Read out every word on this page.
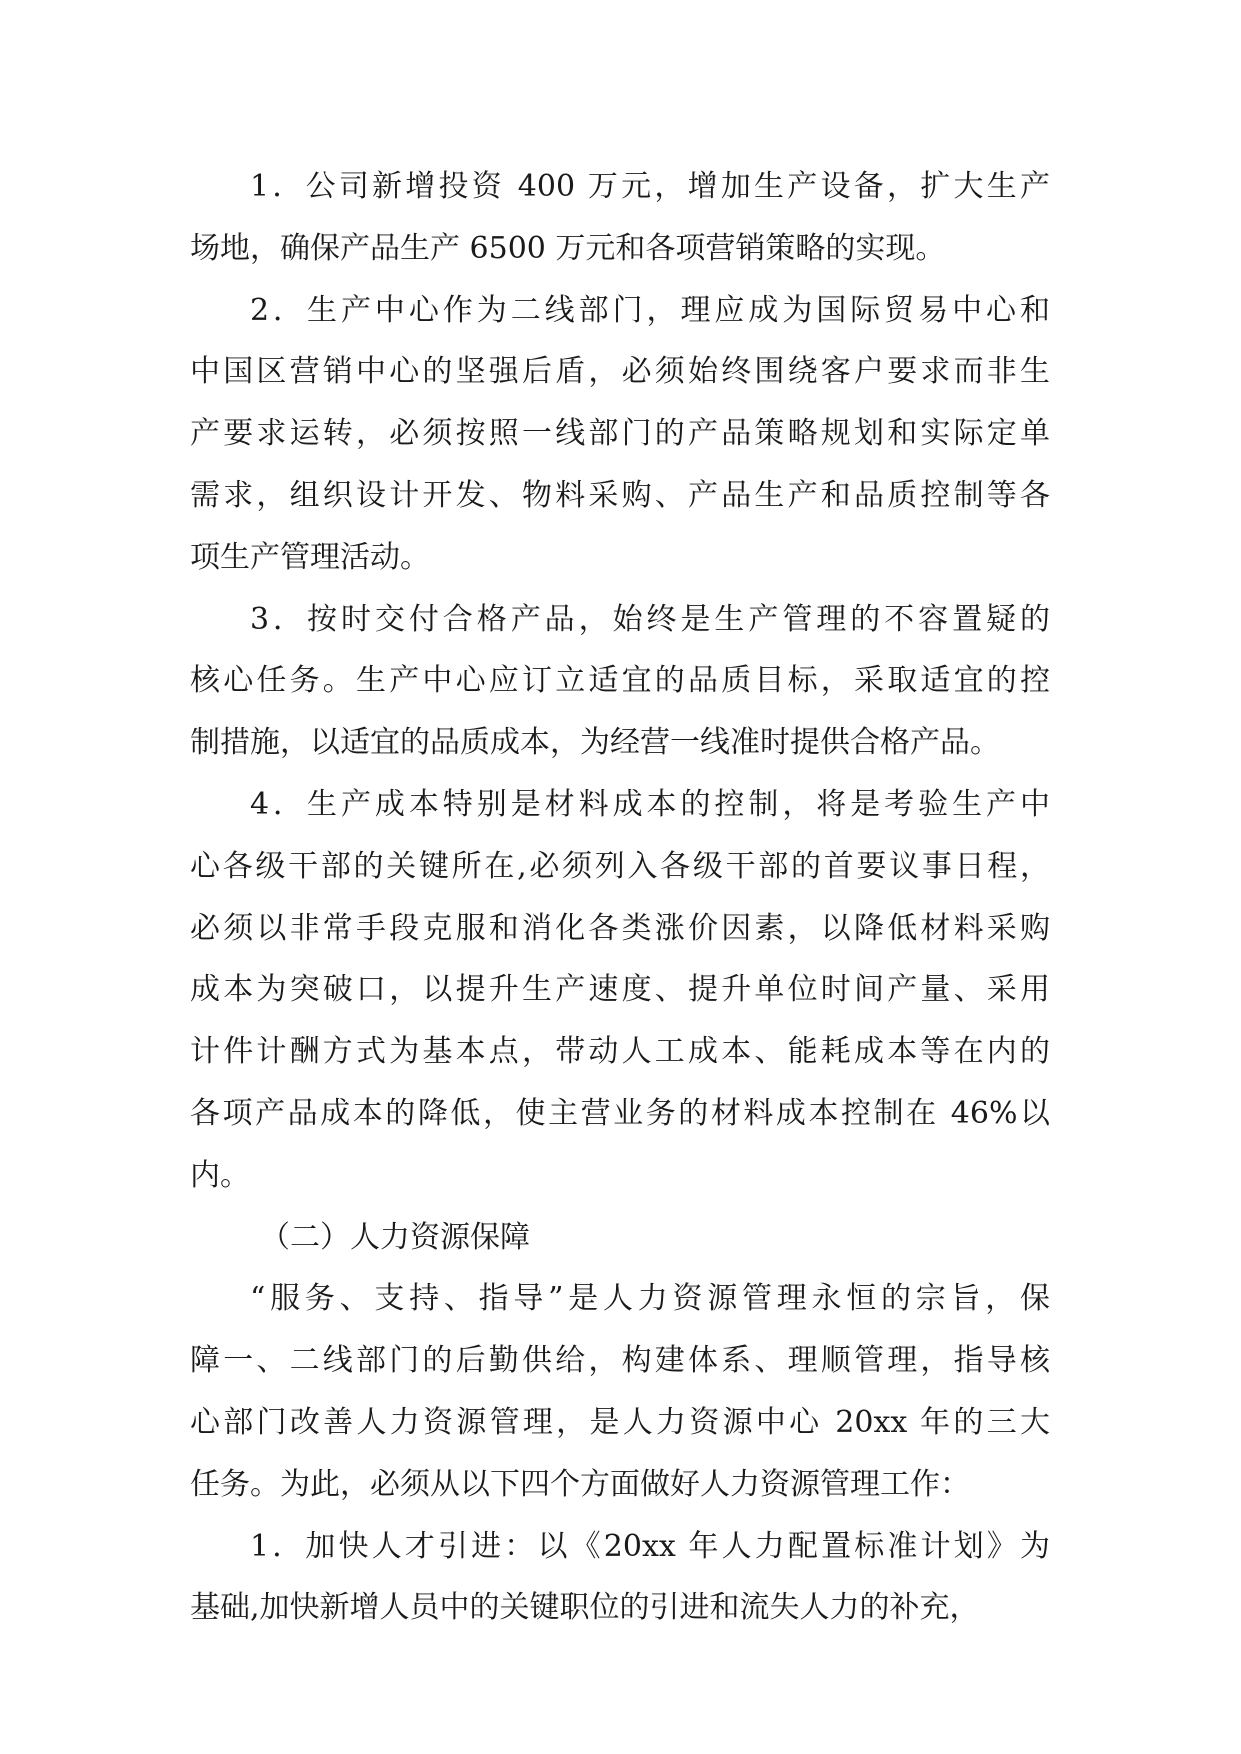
1．公司新增投资 400 万元，增加生产设备，扩大生产
场地，确保产品生产 6500 万元和各项营销策略的实现。
2．生产中心作为二线部门，理应成为国际贸易中心和
中国区营销中心的坚强后盾，必须始终围绕客户要求而非生
产要求运转，必须按照一线部门的产品策略规划和实际定单
需求，组织设计开发、物料采购、产品生产和品质控制等各
项生产管理活动。
3．按时交付合格产品，始终是生产管理的不容置疑的
核心任务。生产中心应订立适宜的品质目标，采取适宜的控
制措施，以适宜的品质成本，为经营一线准时提供合格产品。
4．生产成本特别是材料成本的控制，将是考验生产中
心各级干部的关键所在,必须列入各级干部的首要议事日程，
必须以非常手段克服和消化各类涨价因素，以降低材料采购
成本为突破口，以提升生产速度、提升单位时间产量、采用
计件计酬方式为基本点，带动人工成本、能耗成本等在内的
各项产品成本的降低，使主营业务的材料成本控制在 46%以
内。
（二）人力资源保障
“服务、支持、指导”是人力资源管理永恒的宗旨，保
障一、二线部门的后勤供给，构建体系、理顺管理，指导核
心部门改善人力资源管理，是人力资源中心 20xx 年的三大
任务。为此，必须从以下四个方面做好人力资源管理工作：
1．加快人才引进：以《20xx 年人力配置标准计划》为
基础,加快新增人员中的关键职位的引进和流失人力的补充，
